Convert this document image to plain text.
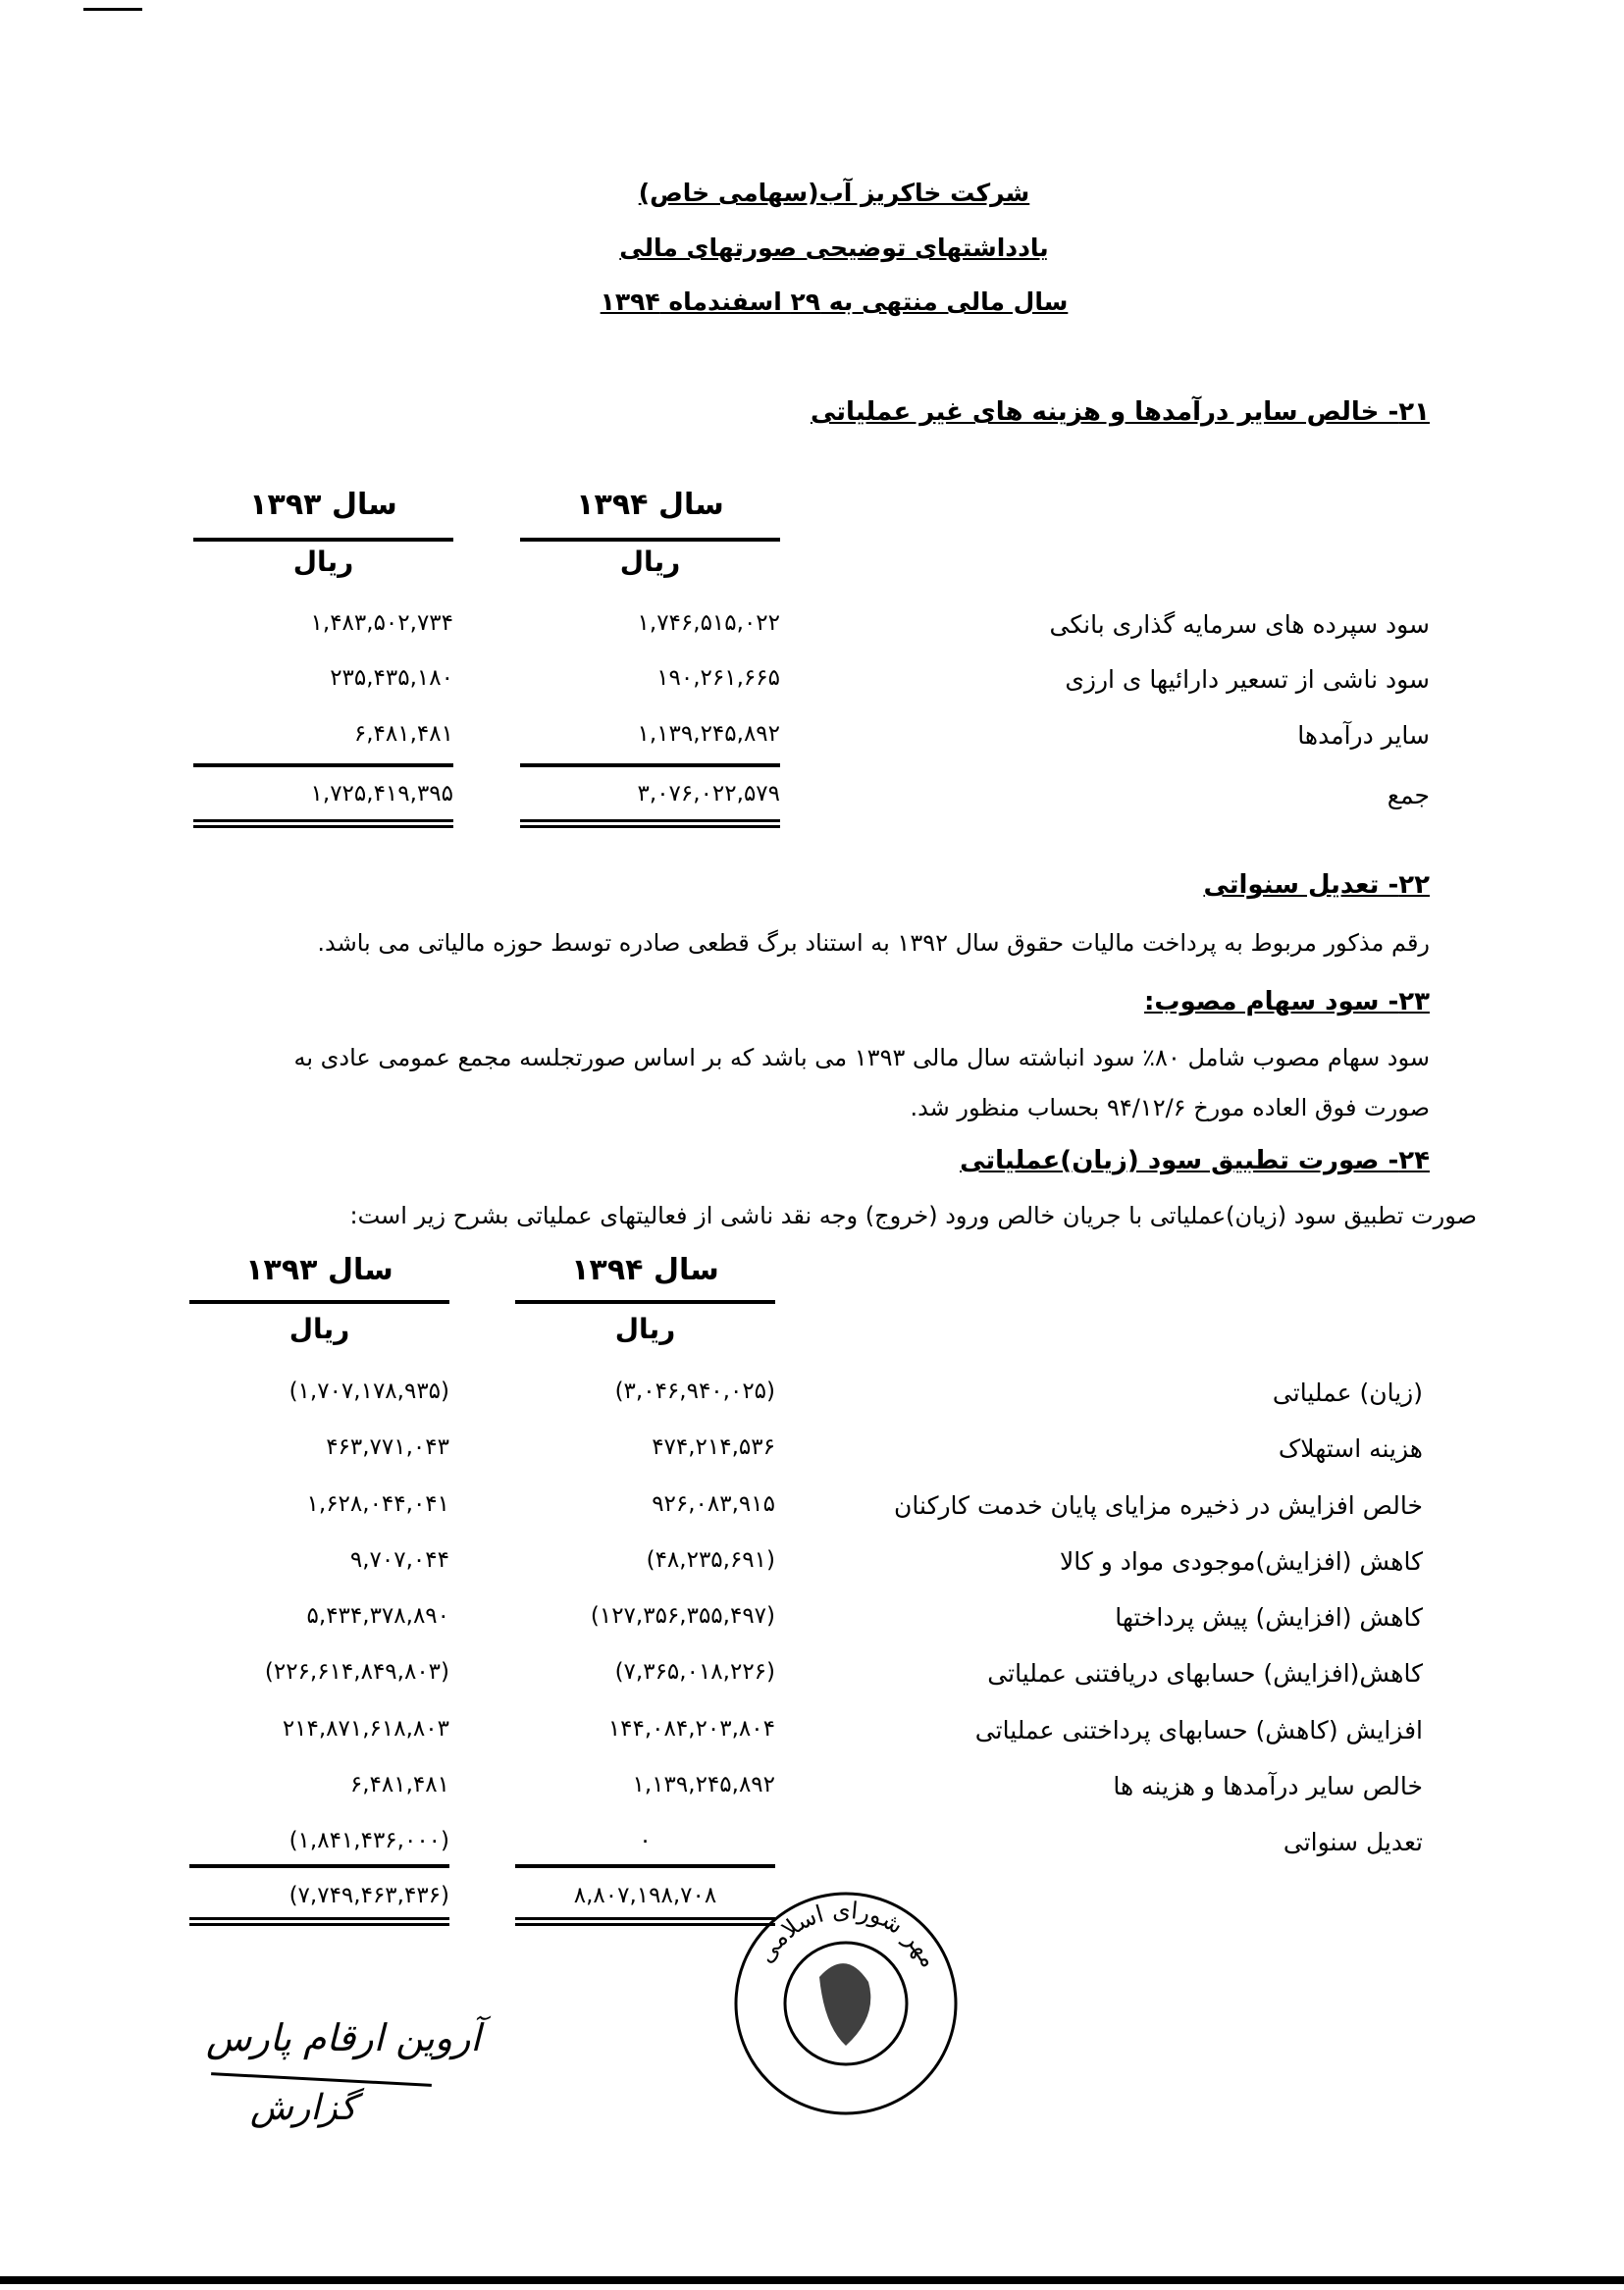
شرکت خاکریز آب(سهامی خاص)
یادداشتهای توضیحی صورتهای مالی
سال مالی منتهی به ۲۹ اسفندماه ۱۳۹۴
۲۱- خالص سایر درآمدها و هزینه های غیر عملیاتی
سال ۱۳۹۴
سال ۱۳۹۳
ریال
ریال
سود سپرده های سرمایه گذاری بانکی
۱,۷۴۶,۵۱۵,۰۲۲
۱,۴۸۳,۵۰۲,۷۳۴
سود ناشی از تسعیر دارائیها ی ارزی
۱۹۰,۲۶۱,۶۶۵
۲۳۵,۴۳۵,۱۸۰
سایر درآمدها
۱,۱۳۹,۲۴۵,۸۹۲
۶,۴۸۱,۴۸۱
جمع
۳,۰۷۶,۰۲۲,۵۷۹
۱,۷۲۵,۴۱۹,۳۹۵
۲۲- تعدیل سنواتی
رقم مذکور مربوط به پرداخت مالیات حقوق سال ۱۳۹۲ به استناد برگ قطعی صادره توسط حوزه مالیاتی می باشد.
۲۳- سود سهام مصوب:
سود سهام مصوب شامل ۸۰٪ سود انباشته سال مالی ۱۳۹۳ می باشد که بر اساس صورتجلسه مجمع عمومی عادی به
صورت فوق العاده مورخ ۹۴/۱۲/۶ بحساب منظور شد.
۲۴- صورت تطبیق سود (زیان)عملیاتی
صورت تطبیق سود (زیان)عملیاتی با جریان خالص ورود (خروج) وجه نقد ناشی از فعالیتهای عملیاتی بشرح زیر است:
سال ۱۳۹۴
سال ۱۳۹۳
ریال
ریال
(زیان) عملیاتی
(۳,۰۴۶,۹۴۰,۰۲۵)
(۱,۷۰۷,۱۷۸,۹۳۵)
هزینه استهلاک
۴۷۴,۲۱۴,۵۳۶
۴۶۳,۷۷۱,۰۴۳
خالص افزایش در ذخیره مزایای پایان خدمت کارکنان
۹۲۶,۰۸۳,۹۱۵
۱,۶۲۸,۰۴۴,۰۴۱
کاهش (افزایش)موجودی مواد و کالا
(۴۸,۲۳۵,۶۹۱)
۹,۷۰۷,۰۴۴
کاهش (افزایش) پیش پرداختها
(۱۲۷,۳۵۶,۳۵۵,۴۹۷)
۵,۴۳۴,۳۷۸,۸۹۰
کاهش(افزایش) حسابهای دریافتنی عملیاتی
(۷,۳۶۵,۰۱۸,۲۲۶)
(۲۲۶,۶۱۴,۸۴۹,۸۰۳)
افزایش (کاهش) حسابهای پرداختنی عملیاتی
۱۴۴,۰۸۴,۲۰۳,۸۰۴
۲۱۴,۸۷۱,۶۱۸,۸۰۳
خالص سایر درآمدها و هزینه ها
۱,۱۳۹,۲۴۵,۸۹۲
۶,۴۸۱,۴۸۱
تعدیل سنواتی
۰
(۱,۸۴۱,۴۳۶,۰۰۰)
۸,۸۰۷,۱۹۸,۷۰۸
(۷,۷۴۹,۴۶۳,۴۳۶)
آروین ارقام پارس
گزارش
مهر شورای اسلامی
